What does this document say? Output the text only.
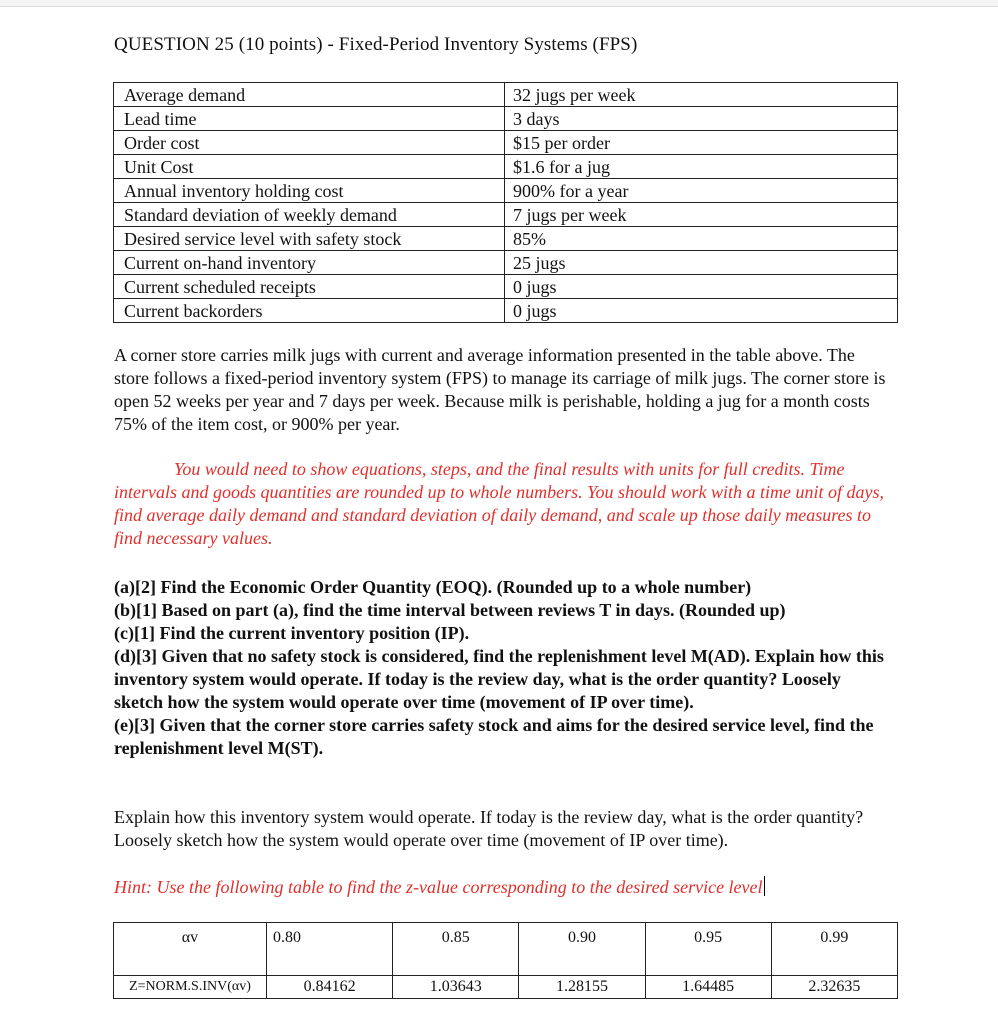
QUESTION 25 (10 points) - Fixed-Period Inventory Systems (FPS)
Average demand	32 jugs per week
Lead time	3 days
Order cost	$15 per order
Unit Cost	$1.6 for a jug
Annual inventory holding cost	900% for a year
Standard deviation of weekly demand	7 jugs per week
Desired service level with safety stock	85%
Current on-hand inventory	25 jugs
Current scheduled receipts	0 jugs
Current backorders	0 jugs
A corner store carries milk jugs with current and average information presented in the table above. The store follows a fixed-period inventory system (FPS) to manage its carriage of milk jugs. The corner store is open 52 weeks per year and 7 days per week. Because milk is perishable, holding a jug for a month costs 75% of the item cost, or 900% per year.
You would need to show equations, steps, and the final results with units for full credits. Time intervals and goods quantities are rounded up to whole numbers. You should work with a time unit of days, find average daily demand and standard deviation of daily demand, and scale up those daily measures to find necessary values.
(a)[2] Find the Economic Order Quantity (EOQ). (Rounded up to a whole number)
(b)[1] Based on part (a), find the time interval between reviews T in days. (Rounded up)
(c)[1] Find the current inventory position (IP).
(d)[3] Given that no safety stock is considered, find the replenishment level M(AD). Explain how this inventory system would operate. If today is the review day, what is the order quantity? Loosely sketch how the system would operate over time (movement of IP over time).
(e)[3] Given that the corner store carries safety stock and aims for the desired service level, find the replenishment level M(ST).
Explain how this inventory system would operate. If today is the review day, what is the order quantity? Loosely sketch how the system would operate over time (movement of IP over time).
Hint: Use the following table to find the z-value corresponding to the desired service level
αv	0.80	0.85	0.90	0.95	0.99
Z=NORM.S.INV(αv)	0.84162	1.03643	1.28155	1.64485	2.32635
